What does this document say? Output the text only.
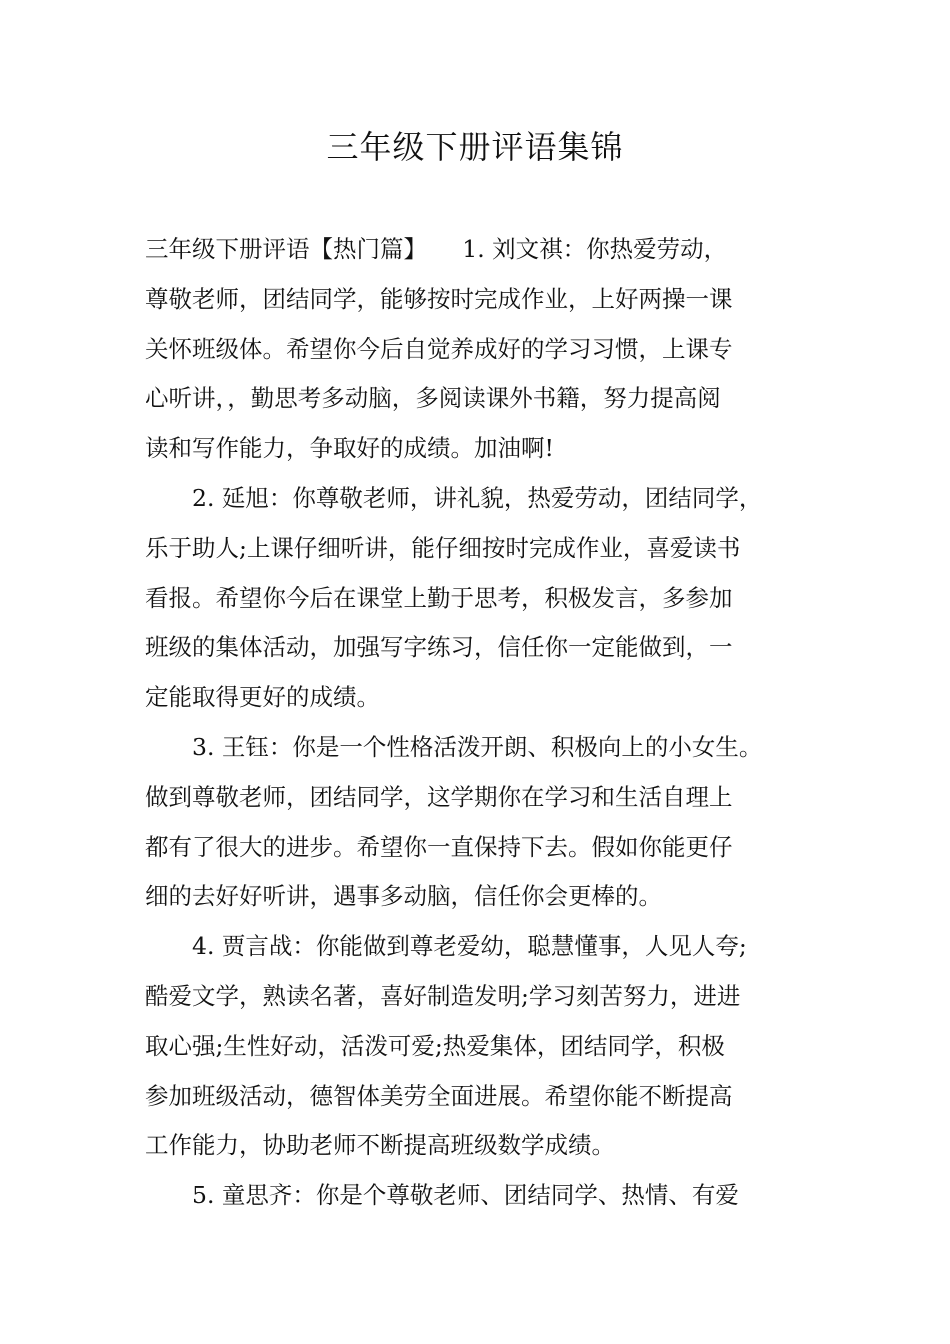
三年级下册评语集锦
三年级下册评语【热门篇】　　1. 刘文祺：你热爱劳动，
尊敬老师，团结同学，能够按时完成作业，上好两操一课
关怀班级体。希望你今后自觉养成好的学习习惯，上课专
心听讲，，勤思考多动脑，多阅读课外书籍，努力提高阅
读和写作能力，争取好的成绩。加油啊!
2. 延旭：你尊敬老师，讲礼貌，热爱劳动，团结同学，
乐于助人;上课仔细听讲，能仔细按时完成作业，喜爱读书
看报。希望你今后在课堂上勤于思考，积极发言，多参加
班级的集体活动，加强写字练习，信任你一定能做到，一
定能取得更好的成绩。
3. 王钰：你是一个性格活泼开朗、积极向上的小女生。
做到尊敬老师，团结同学，这学期你在学习和生活自理上
都有了很大的进步。希望你一直保持下去。假如你能更仔
细的去好好听讲，遇事多动脑，信任你会更棒的。
4. 贾言战：你能做到尊老爱幼，聪慧懂事，人见人夸;
酷爱文学，熟读名著，喜好制造发明;学习刻苦努力，进进
取心强;生性好动，活泼可爱;热爱集体，团结同学，积极
参加班级活动，德智体美劳全面进展。希望你能不断提高
工作能力，协助老师不断提高班级数学成绩。
5. 童思齐：你是个尊敬老师、团结同学、热情、有爱
